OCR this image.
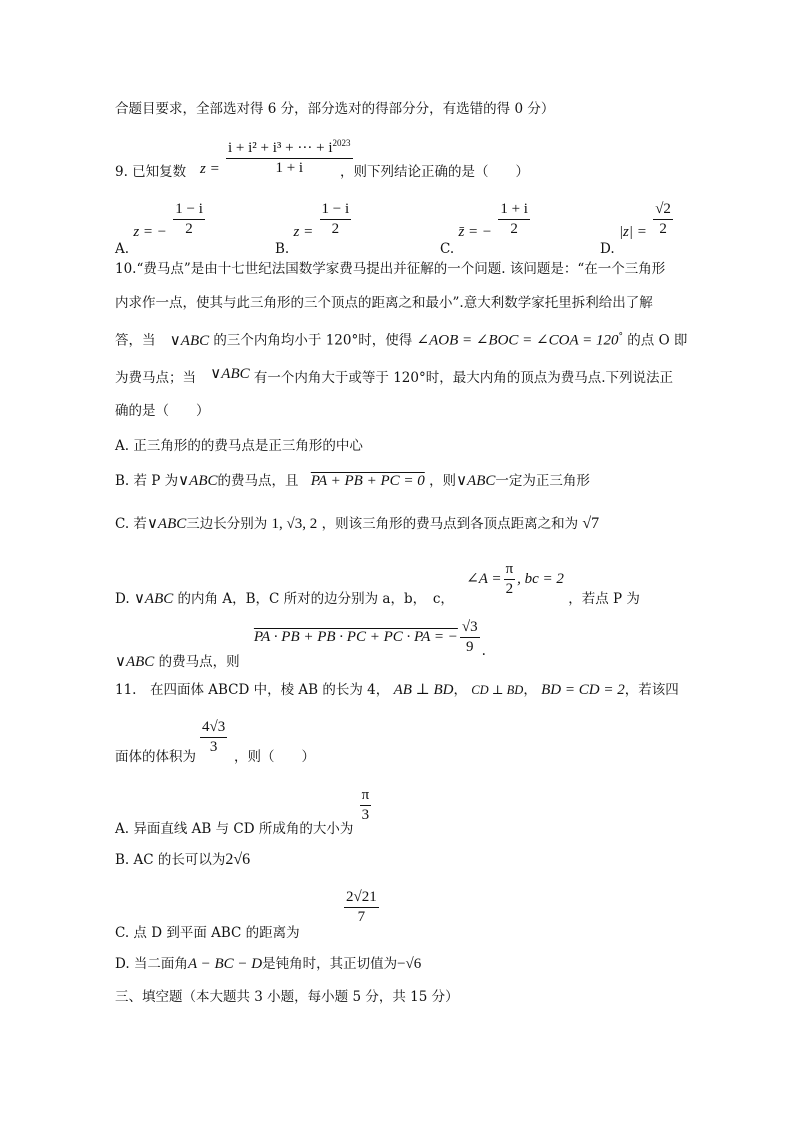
合题目要求，全部选对得 6 分，部分选对的得部分分，有选错的得 0 分）
9. 已知复数 $z = \frac{i + i^2 + i^3 + \cdot\cdot\cdot + i^{2023}}{1 + i}$
，则下列结论正确的是（　　）
A. z = − $\frac{1 - i}{2}$
B. $z = \frac{1 - i}{2}$
C. z̄ = − $\frac{1 + i}{2}$
D. $|z| = \frac{√2}{2}$
10.“费马点”是由十七世纪法国数学家费马提出并征解的一个问题. 该问题是：“在一个三角形
内求作一点，使其与此三角形的三个顶点的距离之和最小”.意大利数学家托里拆利给出了解
答，当 ∨ABC 的三个内角均小于 120°时，使得 ∠AOB = ∠BOC = ∠COA = 120° 的点 O 即
为费马点；当 ∨ABC 有一个内角大于或等于 120°时，最大内角的顶点为费马点.下列说法正
确的是（　　）
A. 正三角形的的费马点是正三角形的中心
B. 若 P 为∨ABC的费马点，且 PA + PB + PC = 0 ，则∨ABC一定为正三角形
C. 若∨ABC三边长分别为 1, √3, 2 ，则该三角形的费马点到各顶点距离之和为 √7
D. ∨ABC 的内角 A，B，C 所对的边分别为 a，b，　c， ∠A = $\frac{\pi}{2}$ , bc = 2 ，若点 P 为
∨ABC 的费马点，则 PA · PB + PB · PC + PC · PA = − $\frac{√3}{9}$ .
11.　在四面体 ABCD 中，棱 AB 的长为 4， AB ⊥ BD， CD ⊥ BD， BD = CD = 2，若该四
$\frac{4√3}{3}$
面体的体积为	，则（　　）
A. 异面直线 AB 与 CD 所成角的大小为
$\frac{\pi}{3}$
B. AC 的长可以为2√6
C. 点 D 到平面 ABC 的距离为
$\frac{2√21}{7}$
D. 当二面角A − BC − D是钝角时，其正切值为−√6
三、填空题（本大题共 3 小题，每小题 5 分，共 15 分）
